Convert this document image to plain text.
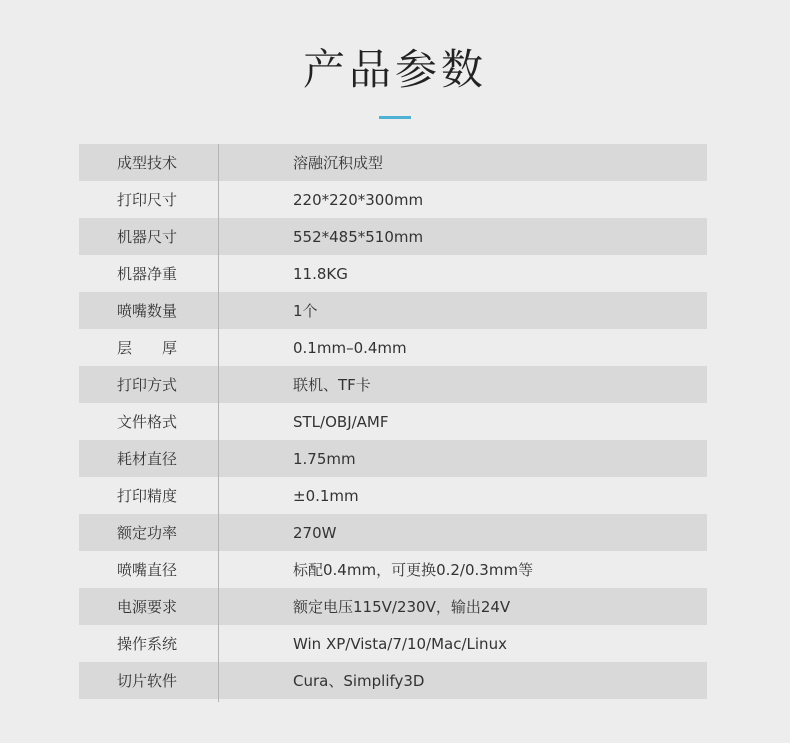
产品参数
成型技术	溶融沉积成型
打印尺寸	220*220*300mm
机器尺寸	552*485*510mm
机器净重	11.8KG
喷嘴数量	1个
层　　厚	0.1mm–0.4mm
打印方式	联机、TF卡
文件格式	STL/OBJ/AMF
耗材直径	1.75mm
打印精度	±0.1mm
额定功率	270W
喷嘴直径	标配0.4mm，可更换0.2/0.3mm等
电源要求	额定电压115V/230V，输出24V
操作系统	Win XP/Vista/7/10/Mac/Linux
切片软件	Cura、Simplify3D
